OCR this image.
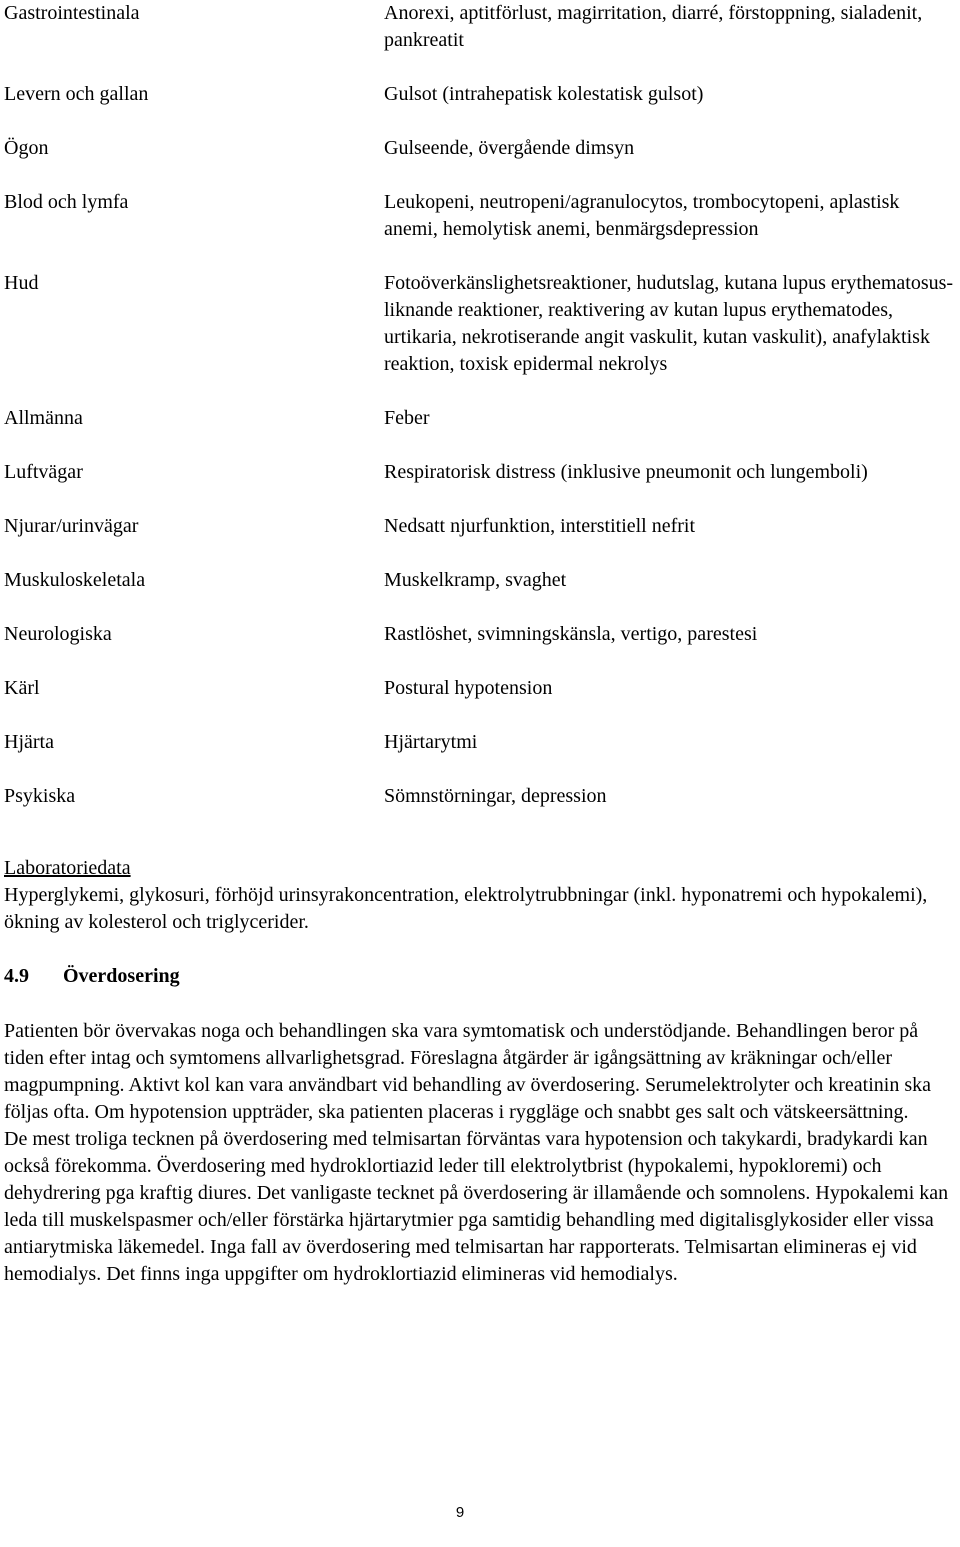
Gastrointestinala	Anorexi, aptitförlust, magirritation, diarré, förstoppning, sialadenit, pankreatit
Levern och gallan	Gulsot (intrahepatisk kolestatisk gulsot)
Ögon	Gulseende, övergående dimsyn
Blod och lymfa	Leukopeni, neutropeni/agranulocytos, trombocytopeni, aplastisk anemi, hemolytisk anemi, benmärgsdepression
Hud	Fotoöverkänslighetsreaktioner, hudutslag, kutana lupus erythematosus-liknande reaktioner, reaktivering av kutan lupus erythematodes, urtikaria, nekrotiserande angit vaskulit, kutan vaskulit), anafylaktisk reaktion, toxisk epidermal nekrolys
Allmänna	Feber
Luftvägar	Respiratorisk distress (inklusive pneumonit och lungemboli)
Njurar/urinvägar	Nedsatt njurfunktion, interstitiell nefrit
Muskuloskeletala	Muskelkramp, svaghet
Neurologiska	Rastlöshet, svimningskänsla, vertigo, parestesi
Kärl	Postural hypotension
Hjärta	Hjärtarytmi
Psykiska	Sömnstörningar, depression
Laboratoriedata
Hyperglykemi, glykosuri, förhöjd urinsyrakoncentration, elektrolytrubbningar (inkl. hyponatremi och hypokalemi), ökning av kolesterol och triglycerider.
4.9 Överdosering

Patienten bör övervakas noga och behandlingen ska vara symtomatisk och understödjande. Behandlingen beror på tiden efter intag och symtomens allvarlighetsgrad. Föreslagna åtgärder är igångsättning av kräkningar och/eller magpumpning. Aktivt kol kan vara användbart vid behandling av överdosering. Serumelektrolyter och kreatinin ska följas ofta. Om hypotension uppträder, ska patienten placeras i ryggläge och snabbt ges salt och vätskeersättning.

De mest troliga tecknen på överdosering med telmisartan förväntas vara hypotension och takykardi, bradykardi kan också förekomma. Överdosering med hydroklortiazid leder till elektrolytbrist (hypokalemi, hypokloremi) och dehydrering pga kraftig diures. Det vanligaste tecknet på överdosering är illamående och somnolens. Hypokalemi kan leda till muskelspasmer och/eller förstärka hjärtarytmier pga samtidig behandling med digitalisglykosider eller vissa antiarytmiska läkemedel. Inga fall av överdosering med telmisartan har rapporterats. Telmisartan elimineras ej vid hemodialys. Det finns inga uppgifter om hydroklortiazid elimineras vid hemodialys.

9
